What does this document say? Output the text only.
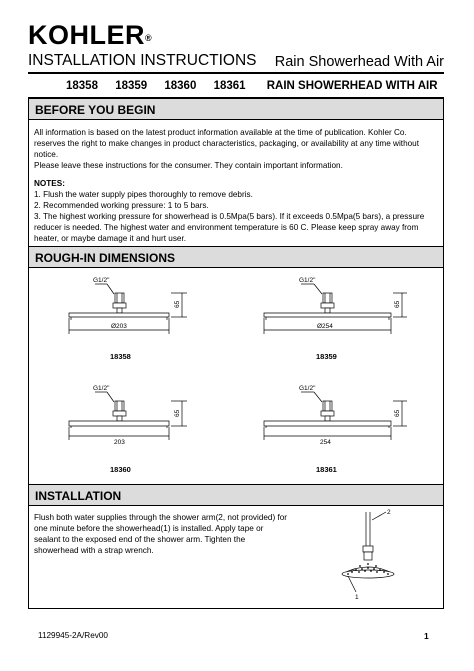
KOHLER®
INSTALLATION INSTRUCTIONS Rain Showerhead With Air
18358 18359 18360 18361 RAIN SHOWERHEAD WITH AIR
BEFORE YOU BEGIN

All information is based on the latest product information available at the time of publication. Kohler Co.

reserves the right to make changes in product characteristics, packaging, or availability at any time without

notice.

Please leave these instructions for the consumer. They contain important information.

NOTES:

1. Flush the water supply pipes thoroughly to remove debris.

2. Recommended working pressure: 1 to 5 bars.

3. The highest working pressure for showerhead is 0.5Mpa(5 bars). If it exceeds 0.5Mpa(5 bars), a pressure

reducer is needed. The highest water and environment temperature is 60 C. Please keep spray away from

heater, or maybe damage it and hurt user.

ROUGH-IN DIMENSIONS
G1/2"
65
Ø203
G1/2"
65
Ø254
G1/2"
65
203
G1/2"
65
254
18358	18359
18360	18361
INSTALLATION

Flush both water supplies through the shower arm(2, not provided) for

one minute before the showerhead(1) is installed. Apply tape or

sealant to the exposed end of the shower arm. Tighten the

showerhead with a strap wrench.

2
1
1129945-2A/Rev00	1
